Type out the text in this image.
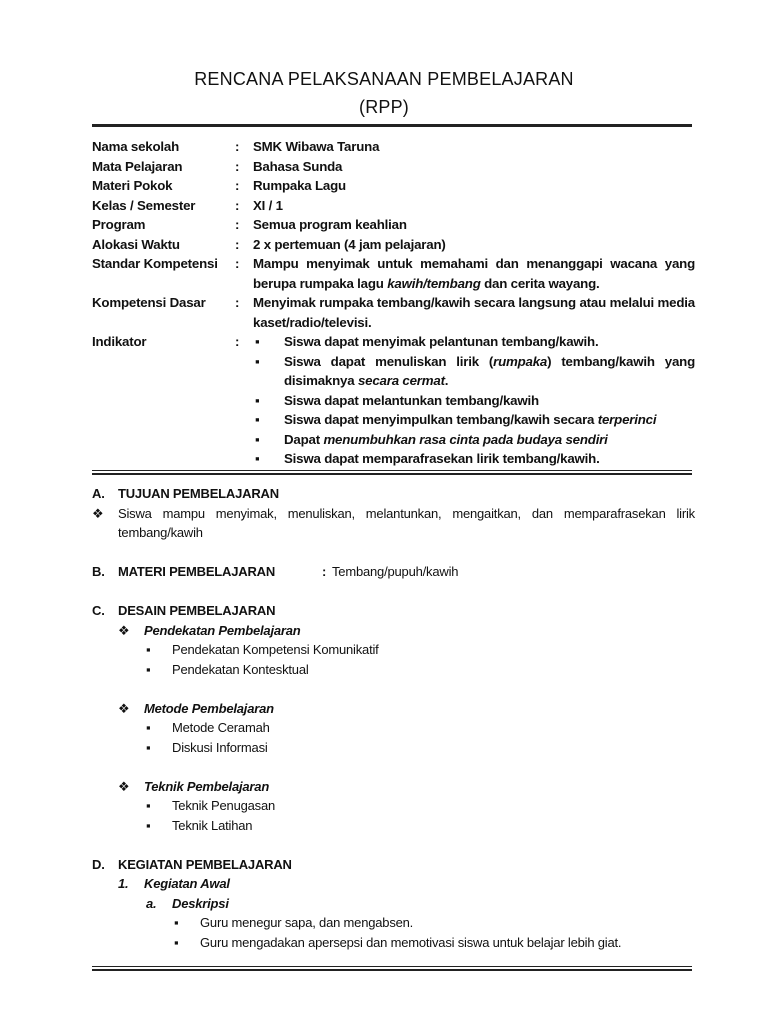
RENCANA PELAKSANAAN PEMBELAJARAN
(RPP)
Nama sekolah	:	SMK Wibawa Taruna
Mata Pelajaran	:	Bahasa Sunda
Materi Pokok	:	Rumpaka Lagu
Kelas / Semester	:	XI / 1
Program	:	Semua program keahlian
Alokasi Waktu	:	2 x pertemuan (4 jam pelajaran)
Standar Kompetensi	:	Mampu menyimak untuk memahami dan menanggapi wacana yang berupa rumpaka lagu kawih/tembang dan cerita wayang.
Kompetensi Dasar	:	Menyimak rumpaka tembang/kawih secara langsung atau melalui media kaset/radio/televisi.
Indikator	:	▪	Siswa dapat menyimak pelantunan tembang/kawih.
▪	Siswa dapat menuliskan lirik (rumpaka) tembang/kawih yang disimaknya secara cermat.
▪	Siswa dapat melantunkan tembang/kawih
▪	Siswa dapat menyimpulkan tembang/kawih secara terperinci
▪	Dapat menumbuhkan rasa cinta pada budaya sendiri
▪	Siswa dapat memparafrasekan lirik tembang/kawih.
A.	TUJUAN PEMBELAJARAN
❖	Siswa mampu menyimak, menuliskan, melantunkan, mengaitkan, dan memparafrasekan lirik tembang/kawih
B.	MATERI PEMBELAJARAN	: Tembang/pupuh/kawih
C.	DESAIN PEMBELAJARAN
❖	Pendekatan Pembelajaran
▪	Pendekatan Kompetensi Komunikatif
▪	Pendekatan Kontesktual
❖	Metode Pembelajaran
▪	Metode Ceramah
▪	Diskusi Informasi
❖	Teknik Pembelajaran
▪	Teknik Penugasan
▪	Teknik Latihan
D.	KEGIATAN PEMBELAJARAN
1.	Kegiatan Awal
a.	Deskripsi
▪	Guru menegur sapa, dan mengabsen.
▪	Guru mengadakan apersepsi dan memotivasi siswa untuk belajar lebih giat.
